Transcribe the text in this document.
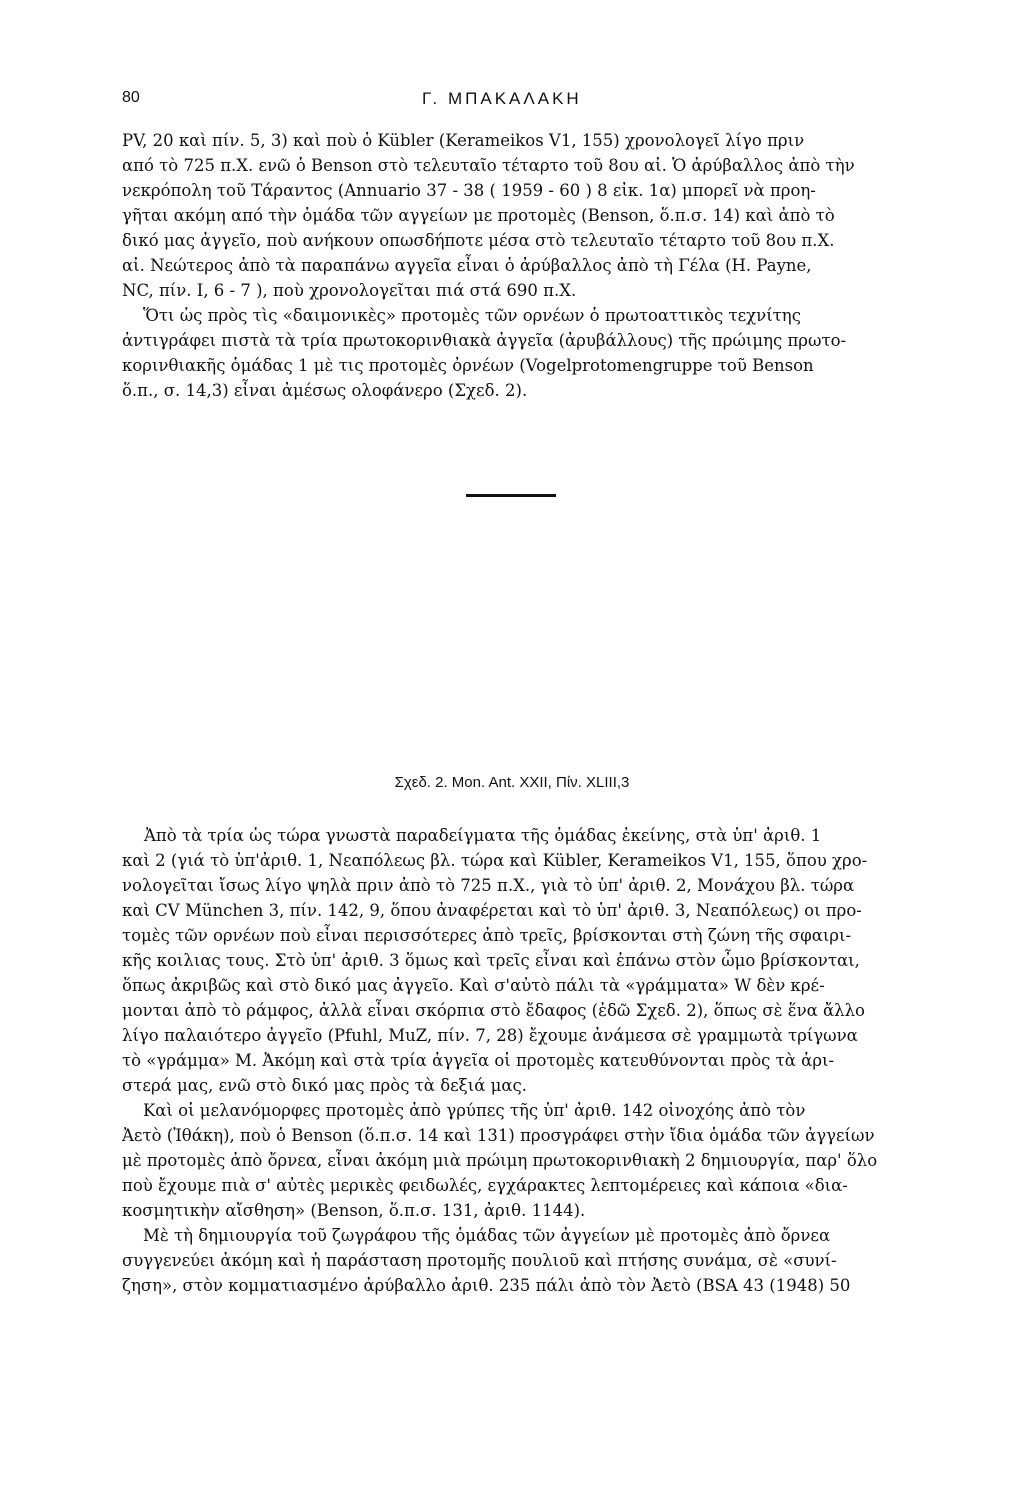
80	Γ. ΜΠΑΚΑΛΑΚΗ
PV, 20 καὶ πίν. 5, 3) καὶ ποὺ ὁ Kübler (Kerameikos V1, 155) χρονολογεῖ λίγο πριν
από τὸ 725 π.Χ. ενῶ ὁ Benson στὸ τελευταῖο τέταρτο τοῦ 8ου αἰ. Ὁ ἀρύβαλλος ἀπὸ τὴν
νεκρόπολη τοῦ Τάραντος (Annuario 37 - 38 ( 1959 - 60 ) 8 εἰκ. 1α) μπορεῖ νὰ προη-
γῆται ακόμη από τὴν ὁμάδα τῶν αγγείων με προτομὲς (Benson, ὅ.π.σ. 14) καὶ ἀπὸ τὸ
δικό μας ἀγγεῖο, ποὺ ανήκουν οπωσδήποτε μέσα στὸ τελευταῖο τέταρτο τοῦ 8ου π.Χ.
αἰ. Νεώτερος ἀπὸ τὰ παραπάνω αγγεῖα εἶναι ὁ ἀρύβαλλος ἀπὸ τὴ Γέλα (Η. Payne,
NC, πίν. I, 6 - 7 ), ποὺ χρονολογεῖται πιά στά 690 π.Χ.
Ὅτι ὡς πρὸς τὶς «δαιμονικὲς» προτομὲς τῶν ορνέων ὁ πρωτοαττικὸς τεχνίτης
ἀντιγράφει πιστὰ τὰ τρία πρωτοκορινθιακὰ ἀγγεῖα (ἀρυβάλλους) τῆς πρώιμης πρωτο-
κορινθιακῆς ὁμάδας 1 μὲ τις προτομὲς ὀρνέων (Vogelprotomengruppe τοῦ Benson
ὅ.π., σ. 14,3) εἶναι ἀμέσως ολοφάνερο (Σχεδ. 2).
Σχεδ. 2. Mon. Ant. XXII, Πίν. XLIII,3
Ἀπὸ τὰ τρία ὡς τώρα γνωστὰ παραδείγματα τῆς ὁμάδας ἐκείνης, στὰ ὑπ' ἀριθ. 1
καὶ 2 (γιά τὸ ὑπ'ἀριθ. 1, Νεαπόλεως βλ. τώρα καὶ Kübler, Kerameikos V1, 155, ὅπου χρο-
νολογεῖται ἴσως λίγο ψηλὰ πριν ἀπὸ τὸ 725 π.Χ., γιὰ τὸ ὑπ' ἀριθ. 2, Μονάχου βλ. τώρα
καὶ CV München 3, πίν. 142, 9, ὅπου ἀναφέρεται καὶ τὸ ὑπ' ἀριθ. 3, Νεαπόλεως) οι προ-
τομὲς τῶν ορνέων ποὺ εἶναι περισσότερες ἀπὸ τρεῖς, βρίσκονται στὴ ζώνη τῆς σφαιρι-
κῆς κοιλιας τους. Στὸ ὑπ' ἀριθ. 3 ὅμως καὶ τρεῖς εἶναι καὶ ἐπάνω στὸν ὦμο βρίσκονται,
ὅπως ἀκριβῶς καὶ στὸ δικό μας ἀγγεῖο. Καὶ σ'αὐτὸ πάλι τὰ «γράμματα» W δὲν κρέ-
μονται ἀπὸ τὸ ράμφος, ἀλλὰ εἶναι σκόρπια στὸ ἔδαφος (ἐδῶ Σχεδ. 2), ὅπως σὲ ἕνα ἄλλο
λίγο παλαιότερο ἀγγεῖο (Pfuhl, MuZ, πίν. 7, 28) ἔχουμε ἀνάμεσα σὲ γραμμωτὰ τρίγωνα
τὸ «γράμμα» M. Ἀκόμη καὶ στὰ τρία ἀγγεῖα οἱ προτομὲς κατευθύνονται πρὸς τὰ ἀρι-
στερά μας, ενῶ στὸ δικό μας πρὸς τὰ δεξιά μας.
Καὶ οἱ μελανόμορφες προτομὲς ἀπὸ γρύπες τῆς ὑπ' ἀριθ. 142 οἰνοχόης ἀπὸ τὸν
Ἀετὸ (Ἰθάκη), ποὺ ὁ Benson (ὅ.π.σ. 14 καὶ 131) προσγράφει στὴν ἴδια ὁμάδα τῶν ἀγγείων
μὲ προτομὲς ἀπὸ ὄρνεα, εἶναι ἀκόμη μιὰ πρώιμη πρωτοκορινθιακὴ 2 δημιουργία, παρ' ὅλο
ποὺ ἔχουμε πιὰ σ' αὐτὲς μερικὲς φειδωλές, εγχάρακτες λεπτομέρειες καὶ κάποια «δια-
κοσμητικὴν αἴσθηση» (Benson, ὅ.π.σ. 131, ἀριθ. 1144).
Μὲ τὴ δημιουργία τοῦ ζωγράφου τῆς ὁμάδας τῶν ἀγγείων μὲ προτομὲς ἀπὸ ὄρνεα
συγγενεύει ἀκόμη καὶ ἡ παράσταση προτομῆς πουλιοῦ καὶ πτήσης συνάμα, σὲ «συνί-
ζηση», στὸν κομματιασμένο ἀρύβαλλο ἀριθ. 235 πάλι ἀπὸ τὸν Ἀετὸ (BSA 43 (1948) 50
